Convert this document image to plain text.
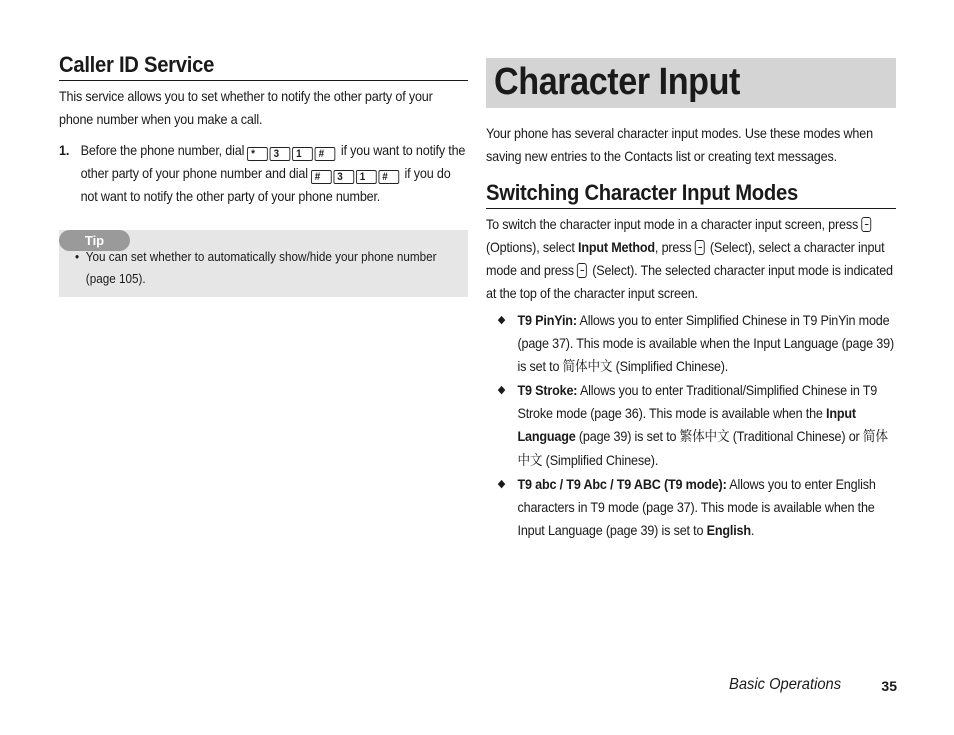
Caller ID Service
This service allows you to set whether to notify the other party of your phone number when you make a call.
1. Before the phone number, dial * 3 1 # if you want to notify the other party of your phone number and dial # 3 1 # if you do not want to notify the other party of your phone number.
Tip
• You can set whether to automatically show/hide your phone number (page 105).
Character Input
Your phone has several character input modes. Use these modes when saving new entries to the Contacts list or creating text messages.
Switching Character Input Modes
To switch the character input mode in a character input screen, press  (Options), select Input Method, press (Select), select a character input mode and press (Select). The selected character input mode is indicated at the top of the character input screen.
◆ T9 PinYin: Allows you to enter Simplified Chinese in T9 PinYin mode (page 37). This mode is available when the Input Language (page 39) is set to 简体中文 (Simplified Chinese).
◆ T9 Stroke: Allows you to enter Traditional/Simplified Chinese in T9 Stroke mode (page 36). This mode is available when the Input Language (page 39) is set to 繁体中文 (Traditional Chinese) or 简体中文 (Simplified Chinese).
◆ T9 abc / T9 Abc / T9 ABC (T9 mode): Allows you to enter English characters in T9 mode (page 37). This mode is available when the Input Language (page 39) is set to English.
Basic Operations	35
